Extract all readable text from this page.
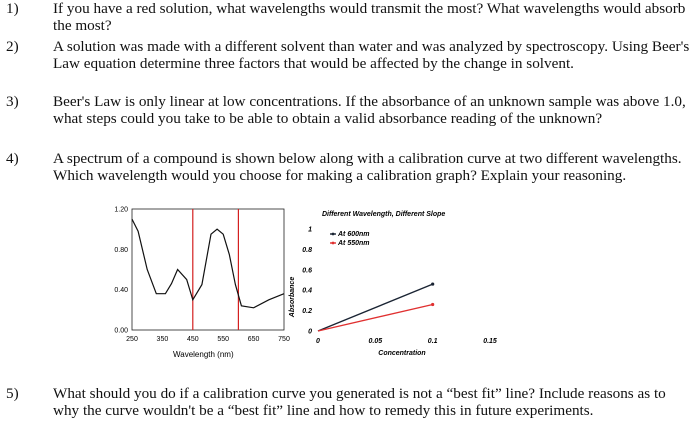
1) If you have a red solution, what wavelengths would transmit the most? What wavelengths would absorb the most?
2) A solution was made with a different solvent than water and was analyzed by spectroscopy. Using Beer's Law equation determine three factors that would be affected by the change in solvent.
3) Beer's Law is only linear at low concentrations. If the absorbance of an unknown sample was above 1.0, what steps could you take to be able to obtain a valid absorbance reading of the unknown?
4) A spectrum of a compound is shown below along with a calibration curve at two different wavelengths. Which wavelength would you choose for making a calibration graph? Explain your reasoning.
0.00
0.40
0.80
1.20
250	350	450	550	650	750
Wavelength (nm)
Different Wavelength, Different Slope
Absorbance
Concentration
0
0.2
0.4
0.6
0.8
1
0	0.05	0.1	0.15
At 600nm
At 550nm
5) What should you do if a calibration curve you generated is not a “best fit” line? Include reasons as to why the curve wouldn't be a “best fit” line and how to remedy this in future experiments.
